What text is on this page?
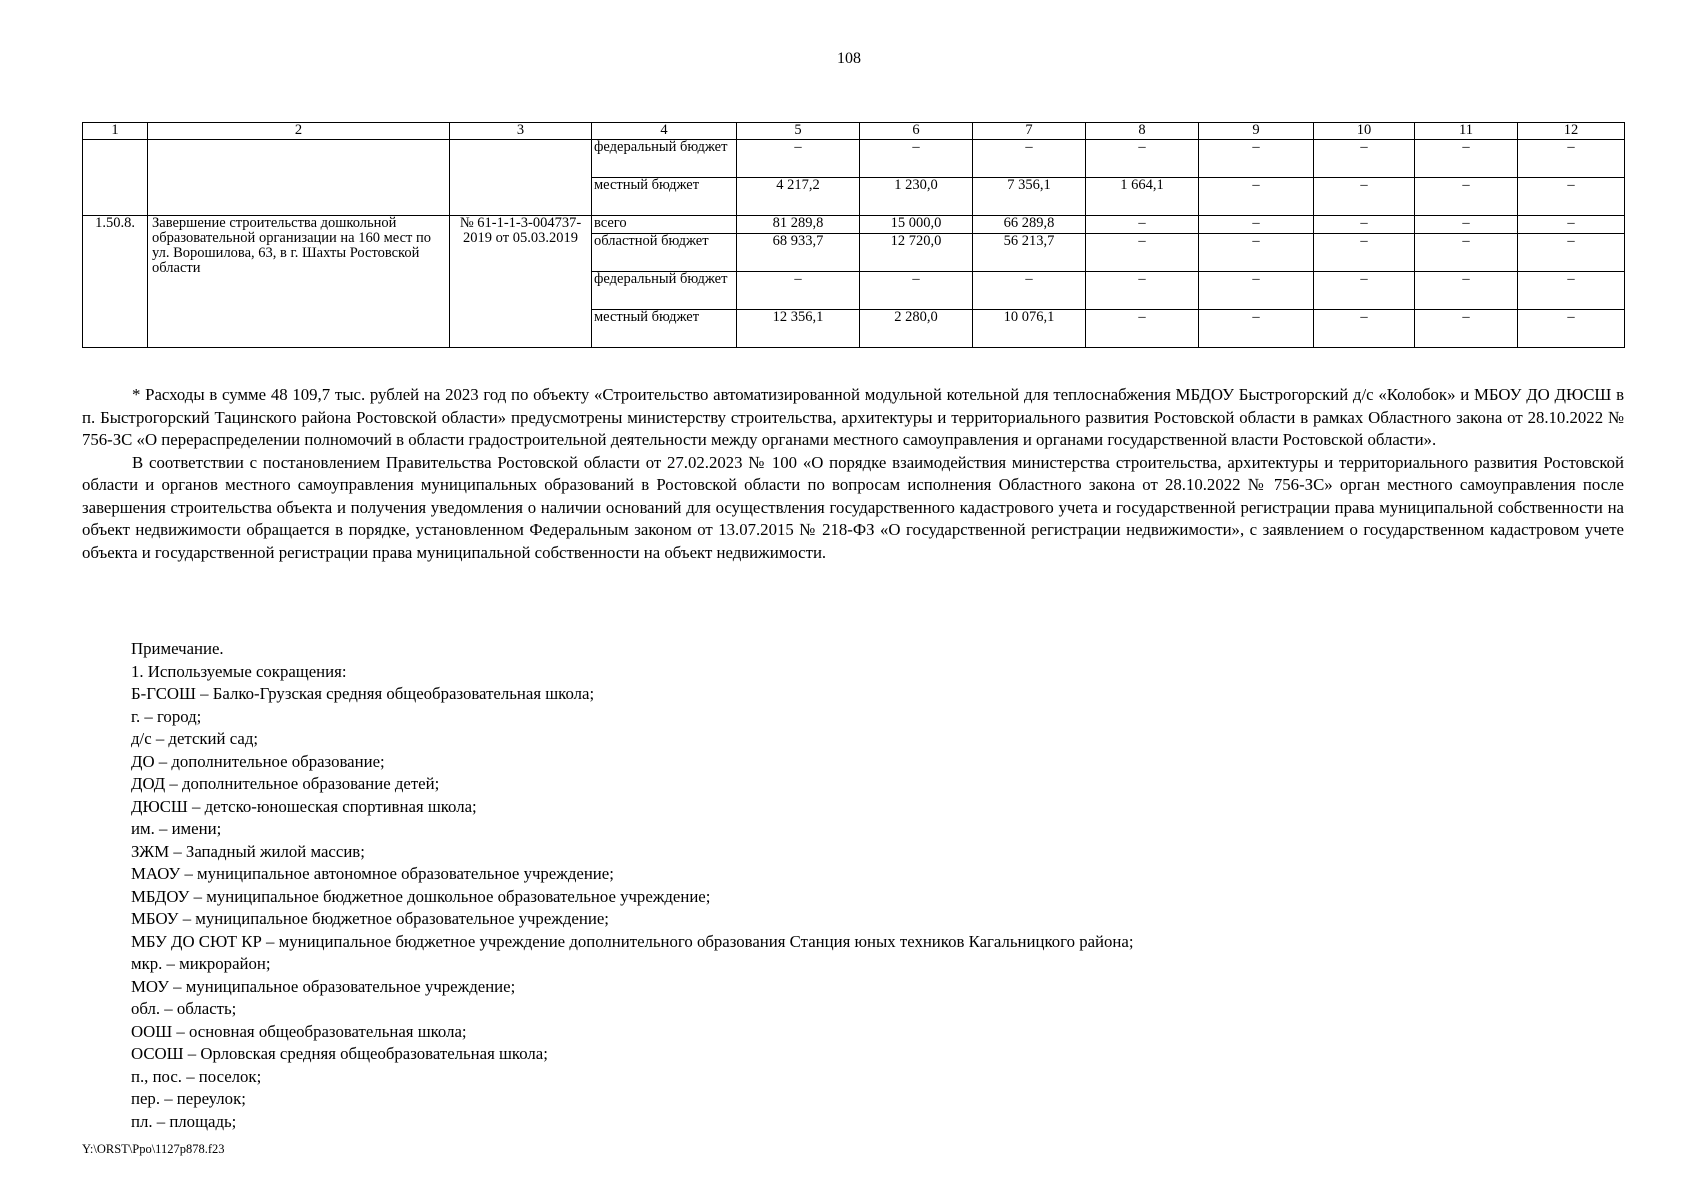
108
1	2	3	4	5	6	7	8	9	10	11	12
			федеральный бюджет	–	–	–	–	–	–	–	–
			местный бюджет	4 217,2	1 230,0	7 356,1	1 664,1	–	–	–	–
1.50.8.	Завершение строительства дошкольной образовательной организации на 160 мест по ул. Ворошилова, 63, в г. Шахты Ростовской области	№ 61-1-1-3-004737-2019 от 05.03.2019	всего	81 289,8	15 000,0	66 289,8	–	–	–	–	–
			областной бюджет	68 933,7	12 720,0	56 213,7	–	–	–	–	–
			федеральный бюджет	–	–	–	–	–	–	–	–
			местный бюджет	12 356,1	2 280,0	10 076,1	–	–	–	–	–

* Расходы в сумме 48 109,7 тыс. рублей на 2023 год по объекту «Строительство автоматизированной модульной котельной для теплоснабжения МБДОУ Быстрогорский д/с «Колобок» и МБОУ ДО ДЮСШ в п. Быстрогорский Тацинского района Ростовской области» предусмотрены министерству строительства, архитектуры и территориального развития Ростовской области в рамках Областного закона от 28.10.2022 № 756-ЗС «О перераспределении полномочий в области градостроительной деятельности между органами местного самоуправления и органами государственной власти Ростовской области».

В соответствии с постановлением Правительства Ростовской области от 27.02.2023 № 100 «О порядке взаимодействия министерства строительства, архитектуры и территориального развития Ростовской области и органов местного самоуправления муниципальных образований в Ростовской области по вопросам исполнения Областного закона от 28.10.2022 № 756-ЗС» орган местного самоуправления после завершения строительства объекта и получения уведомления о наличии оснований для осуществления государственного кадастрового учета и государственной регистрации права муниципальной собственности на объект недвижимости обращается в порядке, установленном Федеральным законом от 13.07.2015 № 218-ФЗ «О государственной регистрации недвижимости», с заявлением о государственном кадастровом учете объекта и государственной регистрации права муниципальной собственности на объект недвижимости.

Примечание.
1. Используемые сокращения:
Б-ГСОШ – Балко-Грузская средняя общеобразовательная школа;
г. – город;
д/с – детский сад;
ДО – дополнительное образование;
ДОД – дополнительное образование детей;
ДЮСШ – детско-юношеская спортивная школа;
им. – имени;
ЗЖМ – Западный жилой массив;
МАОУ – муниципальное автономное образовательное учреждение;
МБДОУ – муниципальное бюджетное дошкольное образовательное учреждение;
МБОУ – муниципальное бюджетное образовательное учреждение;
МБУ ДО СЮТ КР – муниципальное бюджетное учреждение дополнительного образования Станция юных техников Кагальницкого района;
мкр. – микрорайон;
МОУ – муниципальное образовательное учреждение;
обл. – область;
ООШ – основная общеобразовательная школа;
ОСОШ – Орловская средняя общеобразовательная школа;
п., пос. – поселок;
пер. – переулок;
пл. – площадь;
Y:\ORST\Ppo\1127p878.f23
